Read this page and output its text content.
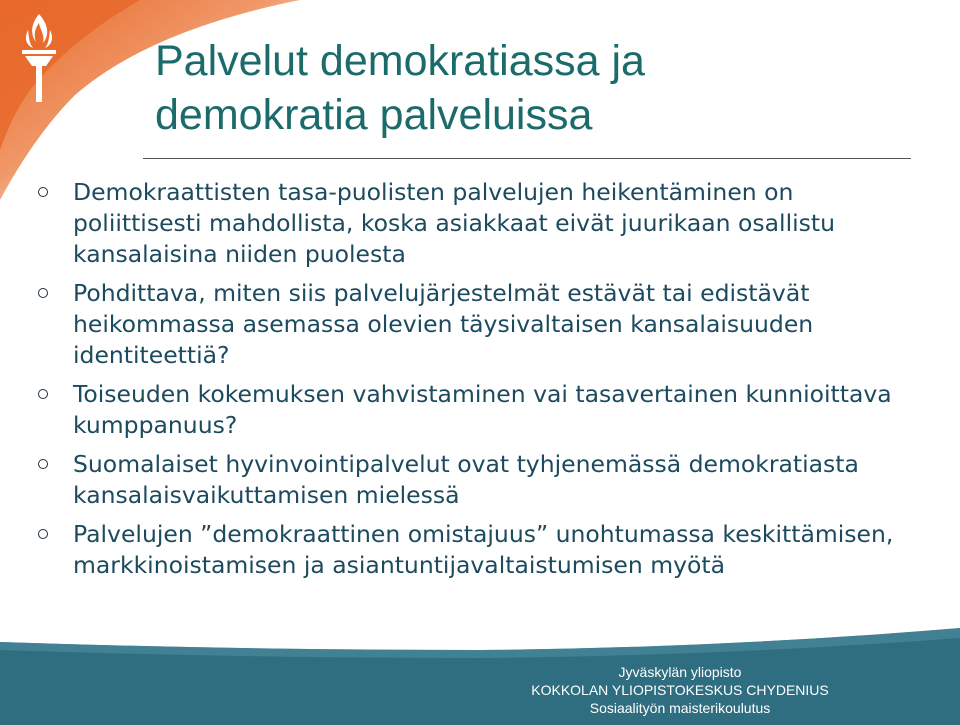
Palvelut demokratiassa ja
demokratia palveluissa
Demokraattisten tasa-puolisten palvelujen heikentäminen on poliittisesti mahdollista, koska asiakkaat eivät juurikaan osallistu kansalaisina niiden puolesta
Pohdittava, miten siis palvelujärjestelmät estävät tai edistävät heikommassa asemassa olevien täysivaltaisen kansalaisuuden identiteettiä?
Toiseuden kokemuksen vahvistaminen vai tasavertainen kunnioittava kumppanuus?
Suomalaiset hyvinvointipalvelut ovat tyhjenemässä demokratiasta kansalaisvaikuttamisen mielessä
Palvelujen ”demokraattinen omistajuus” unohtumassa keskittämisen, markkinoistamisen ja asiantuntijavaltaistumisen myötä
Jyväskylän yliopisto
KOKKOLAN YLIOPISTOKESKUS CHYDENIUS
Sosiaalityön maisterikoulutus
